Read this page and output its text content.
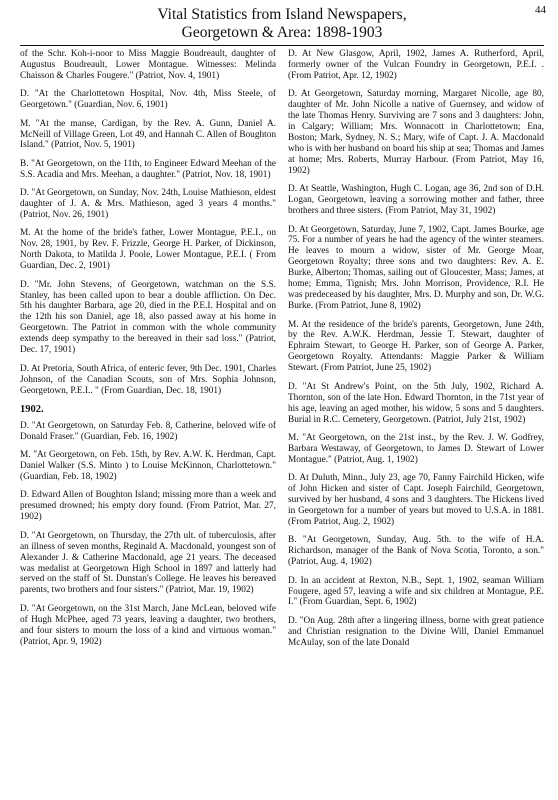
44
Vital Statistics from Island Newspapers,
Georgetown & Area: 1898-1903

of the Schr. Koh-i-noor to Miss Maggie Boudreault, daughter of Augustus Boudreault, Lower Montague. Witnesses: Melinda Chaisson & Charles Fougere." (Patriot, Nov. 4, 1901)

D. "At the Charlottetown Hospital, Nov. 4th, Miss Steele, of Georgetown." (Guardian, Nov. 6, 1901)

M. "At the manse, Cardigan, by the Rev. A. Gunn, Daniel A. McNeill of Village Green, Lot 49, and Hannah C. Allen of Boughton Island." (Patriot, Nov. 5, 1901)

B. "At Georgetown, on the 11th, to Engineer Edward Meehan of the S.S. Acadia and Mrs. Meehan, a daughter." (Patriot, Nov. 18, 1901)

D. "At Georgetown, on Sunday, Nov. 24th, Louise Mathieson, eldest daughter of J. A. & Mrs. Mathieson, aged 3 years 4 months." (Patriot, Nov. 26, 1901)

M. At the home of the bride's father, Lower Montague, P.E.I., on Nov. 28, 1901, by Rev. F. Frizzle, George H. Parker, of Dickinson, North Dakota, to Matilda J. Poole, Lower Montague, P.E.I. ( From Guardian, Dec. 2, 1901)

D. "Mr. John Stevens, of Georgetown, watchman on the S.S. Stanley, has been called upon to bear a double affliction. On Dec. 5th his daughter Barbara, age 20, died in the P.E.I. Hospital and on the 12th his son Daniel, age 18, also passed away at his home in Georgetown. The Patriot in common with the whole community extends deep sympathy to the bereaved in their sad loss." (Patriot, Dec. 17, 1901)

D. At Pretoria, South Africa, of enteric fever, 9th Dec. 1901, Charles Johnson, of the Canadian Scouts, son of Mrs. Sophia Johnson, Georgetown, P.E.I.. " (From Guardian, Dec. 18, 1901)

1902.

D. "At Georgetown, on Saturday Feb. 8, Catherine, beloved wife of Donald Fraser." (Guardian, Feb. 16, 1902)

M. "At Georgetown, on Feb. 15th, by Rev. A.W. K. Herdman, Capt. Daniel Walker (S.S. Minto ) to Louise McKinnon, Charlottetown." (Guardian, Feb. 18, 1902)

D. Edward Allen of Boughton Island; missing more than a week and presumed drowned; his empty dory found. (From Patriot, Mar. 27, 1902)

D. "At Georgetown, on Thursday, the 27th ult. of tuberculosis, after an illness of seven months, Reginald A. Macdonald, youngest son of Alexander J. & Catherine Macdonald, age 21 years. The deceased was medalist at Georgetown High School in 1897 and latterly had served on the staff of St. Dunstan's College. He leaves his bereaved parents, two brothers and four sisters." (Patriot, Mar. 19, 1902)

D. "At Georgetown, on the 31st March, Jane McLean, beloved wife of Hugh McPhee, aged 73 years, leaving a daughter, two brothers, and four sisters to mourn the loss of a kind and virtuous woman." (Patriot, Apr. 9, 1902)

D. At New Glasgow, April, 1902, James A. Rutherford, April, formerly owner of the Vulcan Foundry in Georgetown, P.E.I. . (From Patriot, Apr. 12, 1902)

D. At Georgetown, Saturday morning, Margaret Nicolle, age 80, daughter of Mr. John Nicolle a native of Guernsey, and widow of the late Thomas Henry. Surviving are 7 sons and 3 daughters: John, in Calgary; William; Mrs. Wonnacott in Charlottetown; Ena, Boston; Mark, Sydney, N. S.; Mary, wife of Capt. J. A. Macdonald who is with her husband on board his ship at sea; Thomas and James at home; Mrs. Roberts, Murray Harbour. (From Patriot, May 16, 1902)

D. At Seattle, Washington, Hugh C. Logan, age 36, 2nd son of D.H. Logan, Georgetown, leaving a sorrowing mother and father, three brothers and three sisters. (From Patriot, May 31, 1902)

D. At Georgetown, Saturday, June 7, 1902, Capt. James Bourke, age 75. For a number of years he had the agency of the winter steamers. He leaves to mourn a widow, sister of Mr. George Moar, Georgetown Royalty; three sons and two daughters: Rev. A. E. Burke, Alberton; Thomas, sailing out of Gloucester, Mass; James, at home; Emma, Tignish; Mrs. John Morrison, Providence, R.I. He was predeceased by his daughter, Mrs. D. Murphy and son, Dr. W.G. Burke. (From Patriot, June 8, 1902)

M. At the residence of the bride's parents, Georgetown, June 24th, by the Rev. A.W.K. Herdman, Jessie T. Stewart, daughter of Ephraim Stewart, to George H. Parker, son of George A. Parker, Georgetown Royalty. Attendants: Maggie Parker & William Stewart. (From Patriot, June 25, 1902)

D. "At St Andrew's Point, on the 5th July, 1902, Richard A. Thornton, son of the late Hon. Edward Thornton, in the 71st year of his age, leaving an aged mother, his widow, 5 sons and 5 daughters. Burial in R.C. Cemetery, Georgetown. (Patriot, July 21st, 1902)

M. "At Georgetown, on the 21st inst., by the Rev. J. W. Godfrey, Barbara Westaway, of Georgetown, to James D. Stewart of Lower Montague." (Patriot, Aug. 1, 1902)

D. At Duluth, Minn., July 23, age 70, Fanny Fairchild Hicken, wife of John Hicken and sister of Capt. Joseph Fairchild, Georgetown, survived by her husband, 4 sons and 3 daughters. The Hickens lived in Georgetown for a number of years but moved to U.S.A. in 1881. (From Patriot, Aug. 2, 1902)

B. "At Georgetown, Sunday, Aug. 5th. to the wife of H.A. Richardson, manager of the Bank of Nova Scotia, Toronto, a son." (Patriot, Aug. 4, 1902)

D. In an accident at Rexton, N.B., Sept. 1, 1902, seaman William Fougere, aged 57, leaving a wife and six children at Montague, P.E. I." (From Guardian, Sept. 6, 1902)

D. "On Aug. 28th after a lingering illness, borne with great patience and Christian resignation to the Divine Will, Daniel Emmanuel McAulay, son of the late Donald
